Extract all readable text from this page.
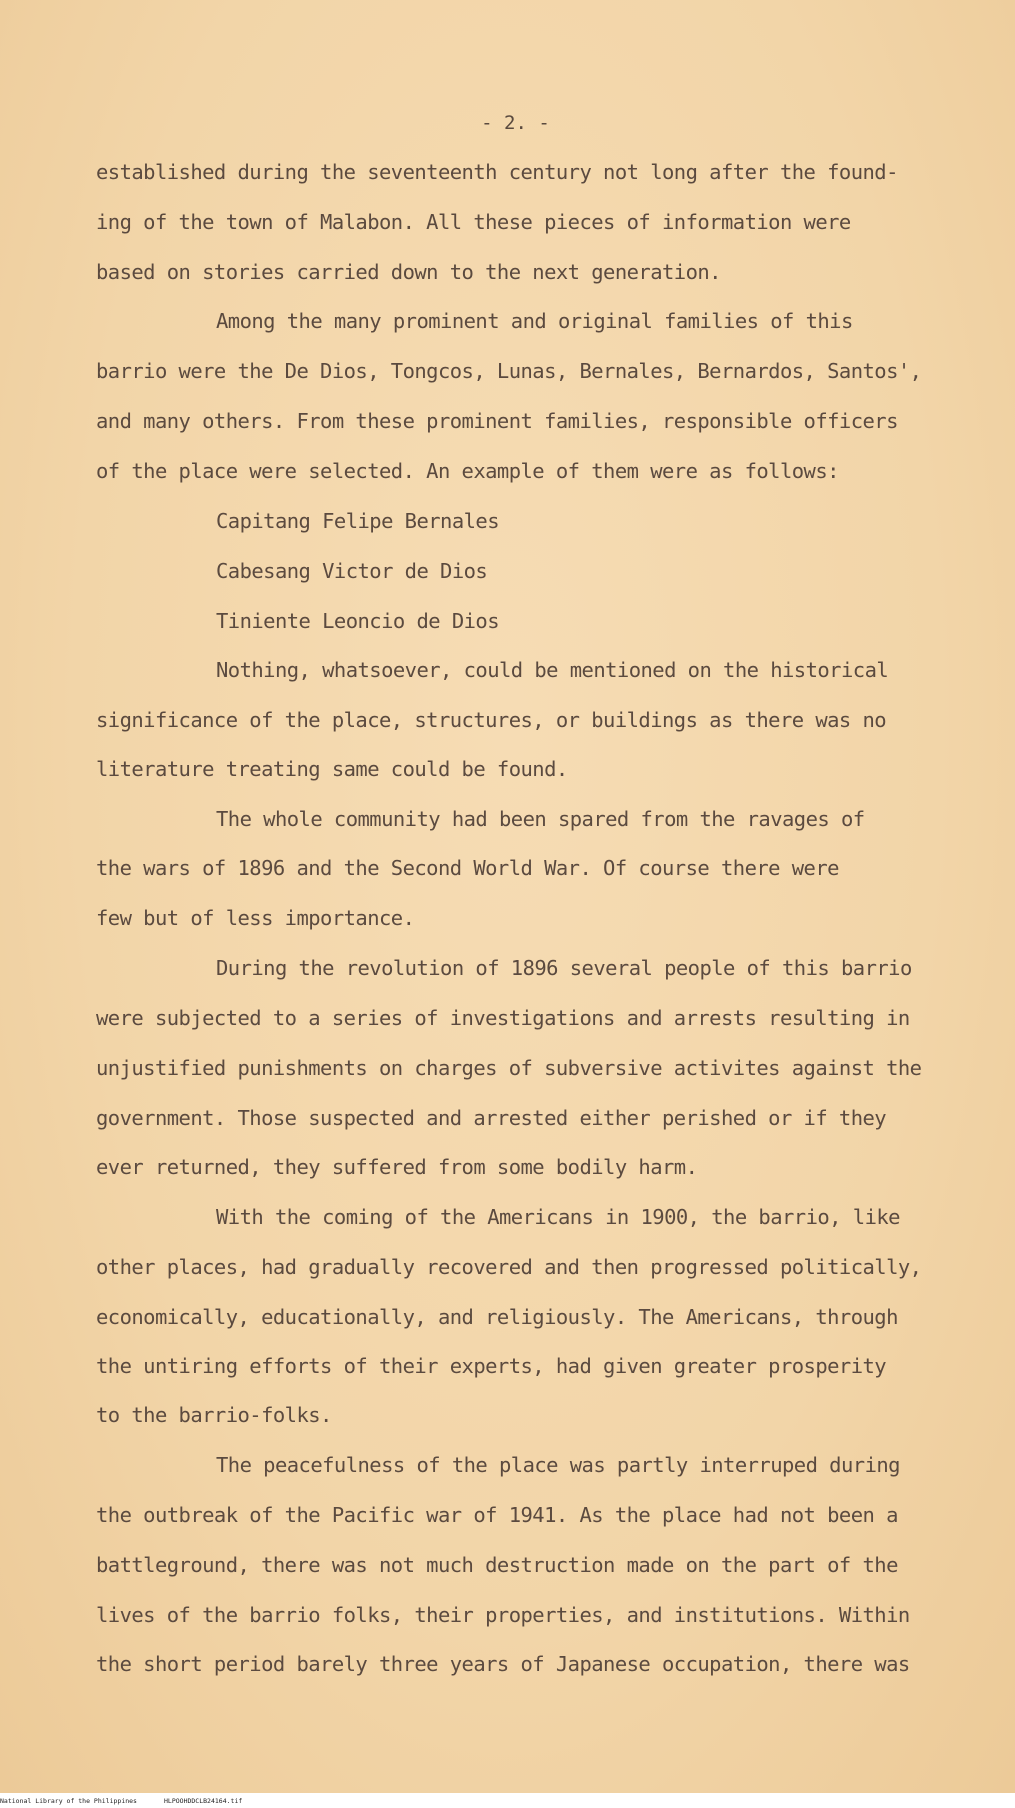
- 2. -
established during the seventeenth century not long after the found-
ing of the town of Malabon. All these pieces of information were
based on stories carried down to the next generation.
Among the many prominent and original families of this
barrio were the De Dios, Tongcos, Lunas, Bernales, Bernardos, Santos',
and many others. From these prominent families, responsible officers
of the place were selected. An example of them were as follows:
Capitang Felipe Bernales
Cabesang Victor de Dios
Tiniente Leoncio de Dios
Nothing, whatsoever, could be mentioned on the historical
significance of the place, structures, or buildings as there was no
literature treating same could be found.
The whole community had been spared from the ravages of
the wars of 1896 and the Second World War. Of course there were
few but of less importance.
During the revolution of 1896 several people of this barrio
were subjected to a series of investigations and arrests resulting in
unjustified punishments on charges of subversive activites against the
government. Those suspected and arrested either perished or if they
ever returned, they suffered from some bodily harm.
With the coming of the Americans in 1900, the barrio, like
other places, had gradually recovered and then progressed politically,
economically, educationally, and religiously. The Americans, through
the untiring efforts of their experts, had given greater prosperity
to the barrio-folks.
The peacefulness of the place was partly interruped during
the outbreak of the Pacific war of 1941. As the place had not been a
battleground, there was not much destruction made on the part of the
lives of the barrio folks, their properties, and institutions. Within
the short period barely three years of Japanese occupation, there was
National Library of the Philippines	HLPOOHDDCLB24164.tif
